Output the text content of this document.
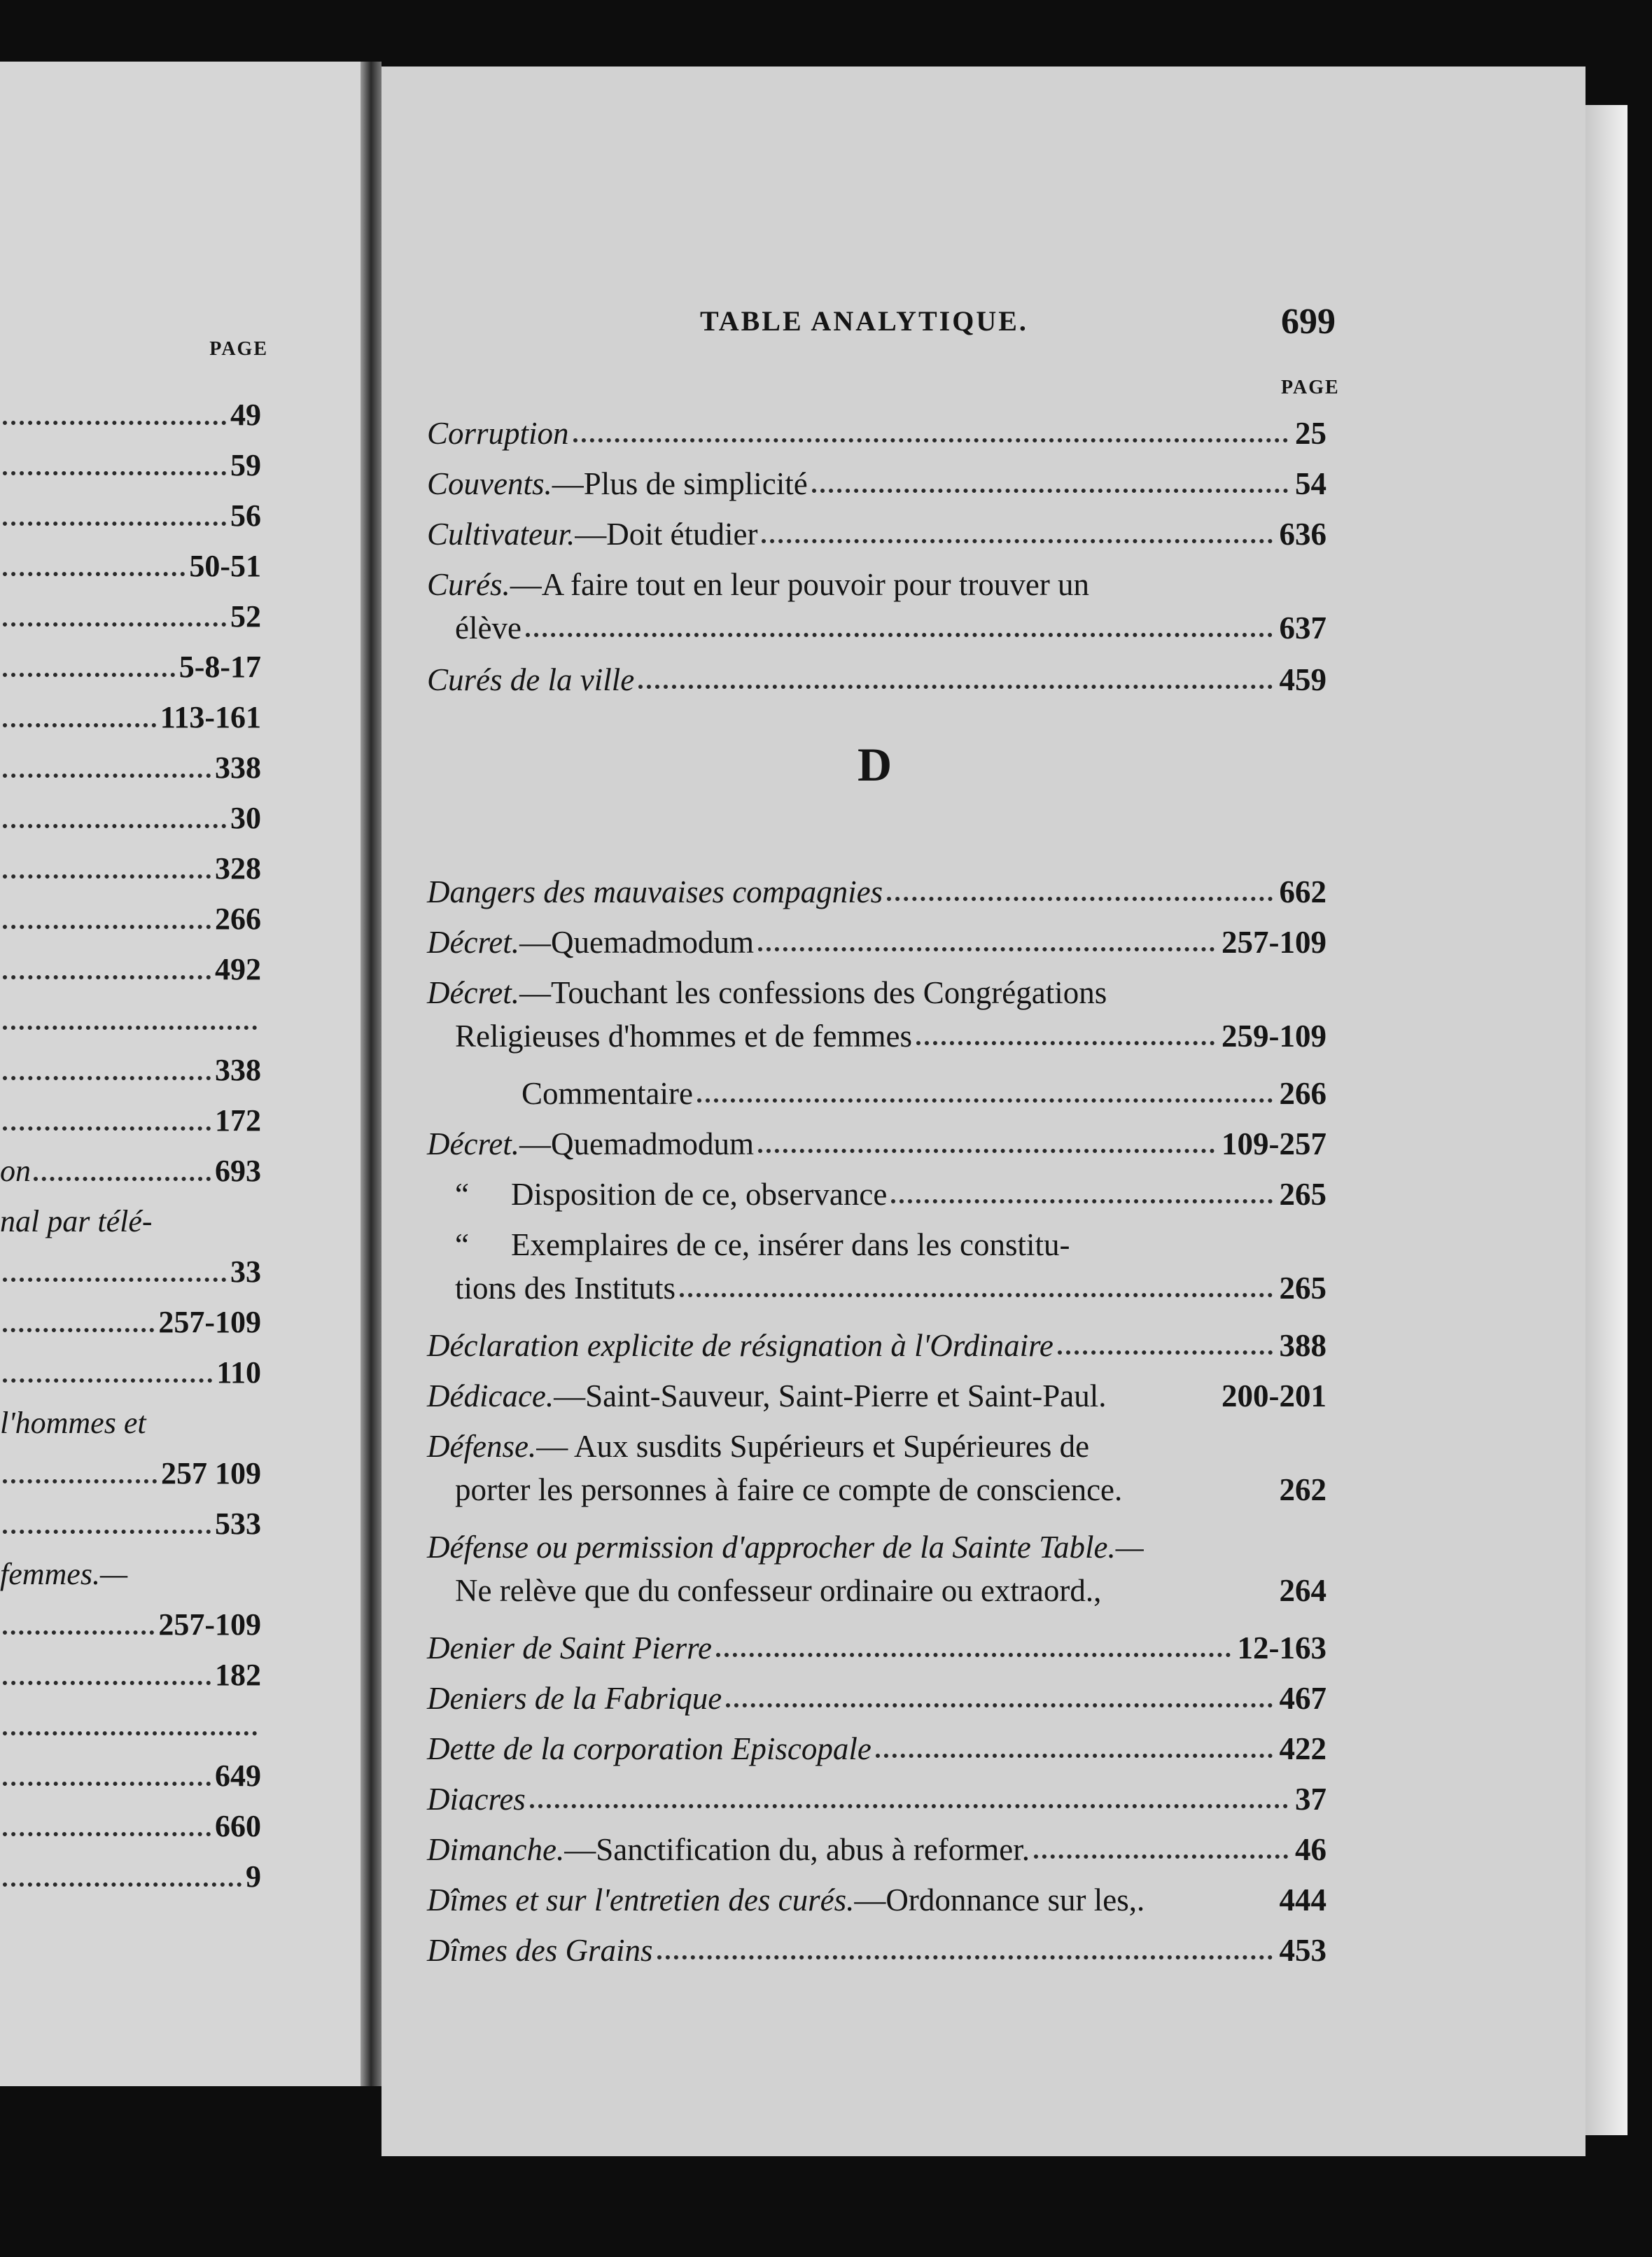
PAGE
49
59
56
50-51
52
5-8-17
113-161
338
30
328
266
492
338
172
on	693
nal par télé-
33
257-109
110
l'hommes et
257 109
533
femmes.—
257-109
182
649
660
9
TABLE ANALYTIQUE.	699
PAGE
Corruption	25
Couvents. —Plus de simplicité	54
Cultivateur. —Doit étudier	636
Curés. —A faire tout en leur pouvoir pour trouver un
élève	637
Curés de la ville	459
D
Dangers des mauvaises compagnies	662
Décret. —Quemadmodum	257-109
Décret. —Touchant les confessions des Congrégations
Religieuses d'hommes et de femmes	259-109
Commentaire	266
Décret. —Quemadmodum	109-257
“	Disposition de ce, observance	265
“	Exemplaires de ce, insérer dans les constitu-
tions des Instituts	265
Déclaration explicite de résignation à l'Ordinaire	388
Dédicace. —Saint-Sauveur, Saint-Pierre et Saint-Paul.	200-201
Défense. — Aux susdits Supérieurs et Supérieures de
porter les personnes à faire ce compte de conscience.	262
Défense ou permission d'approcher de la Sainte Table.—
Ne relève que du confesseur ordinaire ou extraord.,	264
Denier de Saint Pierre	12-163
Deniers de la Fabrique	467
Dette de la corporation Episcopale	422
Diacres	37
Dimanche. —Sanctification du, abus à reformer.	46
Dîmes et sur l'entretien des curés. —Ordonnance sur les,.	444
Dîmes des Grains	453
